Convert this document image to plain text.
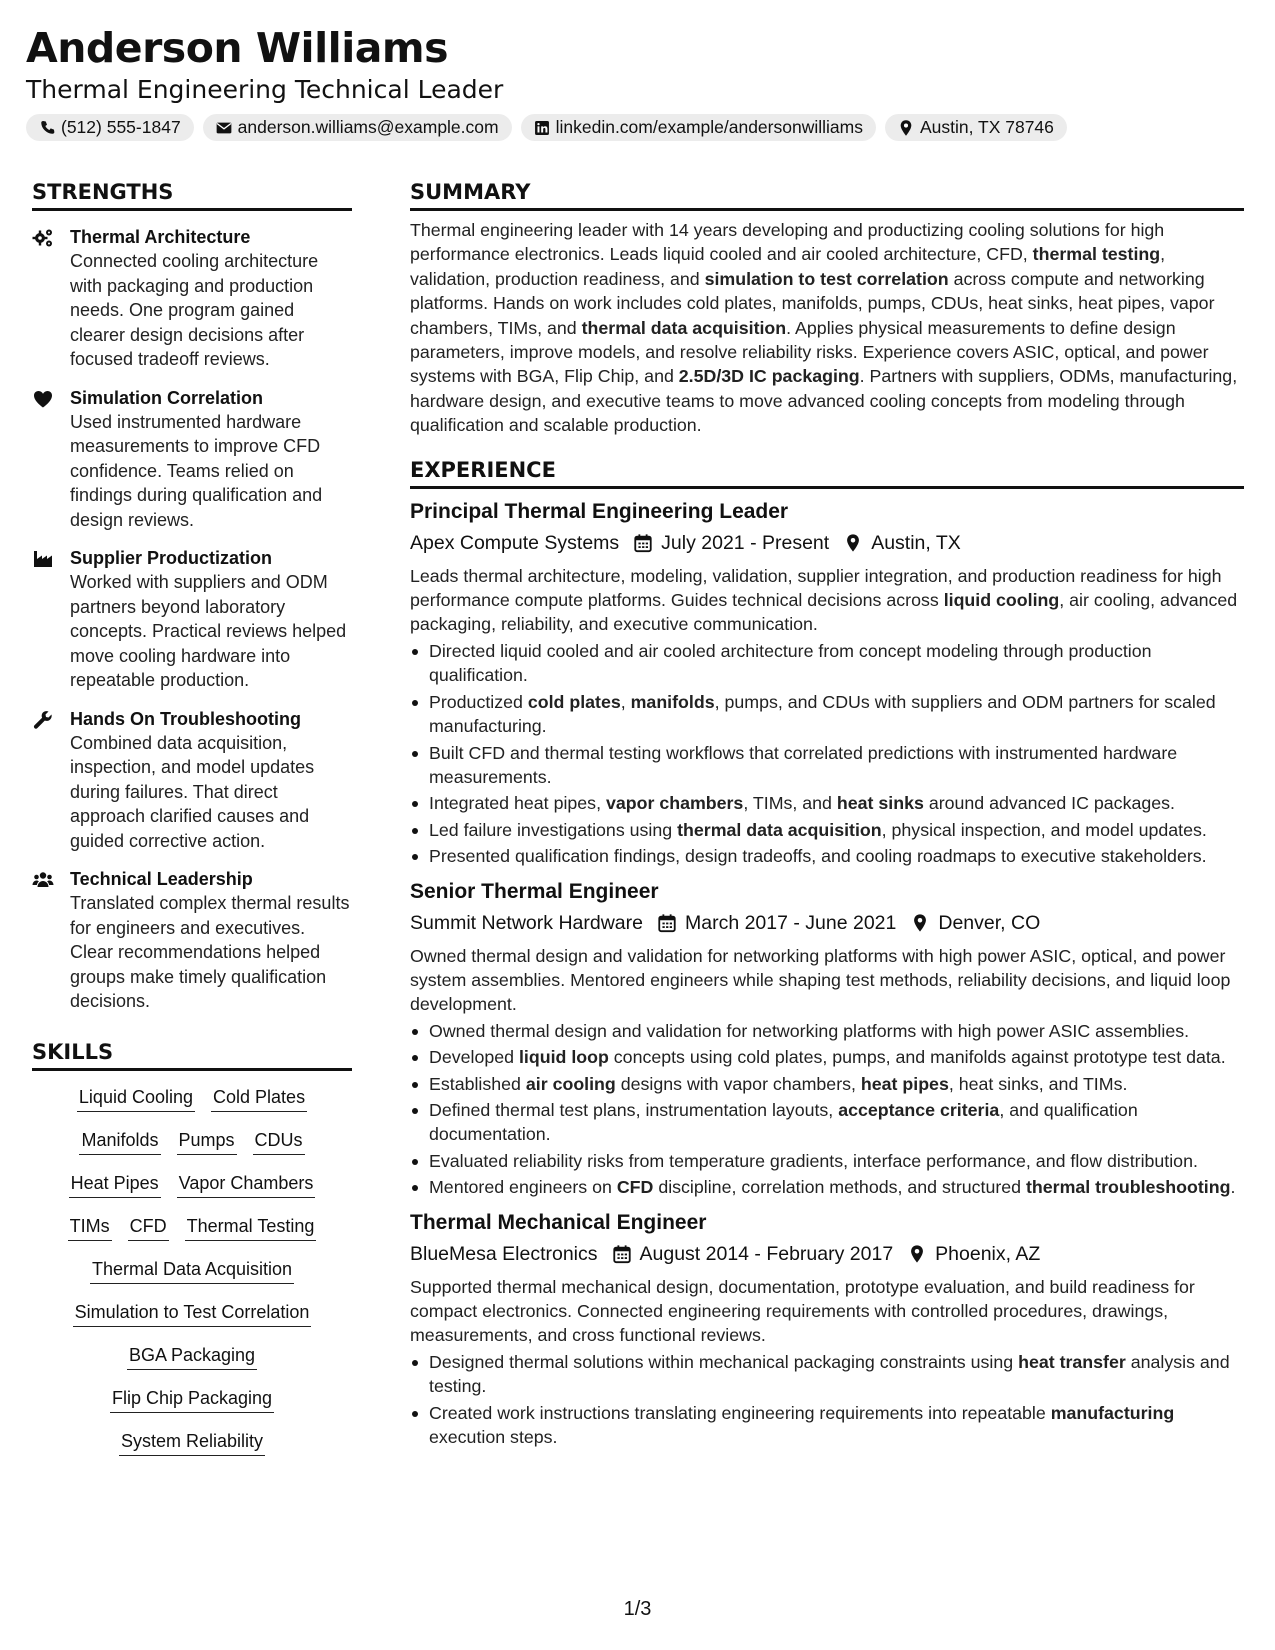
Anderson Williams
Thermal Engineering Technical Leader
(512) 555-1847	anderson.williams@example.com	linkedin.com/example/andersonwilliams	Austin, TX 78746
STRENGTHS
Thermal Architecture
Connected cooling architecture with packaging and production needs. One program gained clearer design decisions after focused tradeoff reviews.
Simulation Correlation
Used instrumented hardware measurements to improve CFD confidence. Teams relied on findings during qualification and design reviews.
Supplier Productization
Worked with suppliers and ODM partners beyond laboratory concepts. Practical reviews helped move cooling hardware into repeatable production.
Hands On Troubleshooting
Combined data acquisition, inspection, and model updates during failures. That direct approach clarified causes and guided corrective action.
Technical Leadership
Translated complex thermal results for engineers and executives. Clear recommendations helped groups make timely qualification decisions.
SKILLS
Liquid Cooling Cold Plates
Manifolds Pumps CDUs
Heat Pipes Vapor Chambers
TIMs CFD Thermal Testing
Thermal Data Acquisition
Simulation to Test Correlation
BGA Packaging
Flip Chip Packaging
System Reliability
SUMMARY

Thermal engineering leader with 14 years developing and productizing cooling solutions for high performance electronics. Leads liquid cooled and air cooled architecture, CFD, thermal testing, validation, production readiness, and simulation to test correlation across compute and networking platforms. Hands on work includes cold plates, manifolds, pumps, CDUs, heat sinks, heat pipes, vapor chambers, TIMs, and thermal data acquisition. Applies physical measurements to define design parameters, improve models, and resolve reliability risks. Experience covers ASIC, optical, and power systems with BGA, Flip Chip, and 2.5D/3D IC packaging. Partners with suppliers, ODMs, manufacturing, hardware design, and executive teams to move advanced cooling concepts from modeling through qualification and scalable production.

EXPERIENCE
Principal Thermal Engineering Leader
Apex Compute Systems July 2021 - Present Austin, TX

Leads thermal architecture, modeling, validation, supplier integration, and production readiness for high performance compute platforms. Guides technical decisions across liquid cooling, air cooling, advanced packaging, reliability, and executive communication.

Directed liquid cooled and air cooled architecture from concept modeling through production qualification.
Productized cold plates, manifolds, pumps, and CDUs with suppliers and ODM partners for scaled manufacturing.
Built CFD and thermal testing workflows that correlated predictions with instrumented hardware measurements.
Integrated heat pipes, vapor chambers, TIMs, and heat sinks around advanced IC packages.
Led failure investigations using thermal data acquisition, physical inspection, and model updates.
Presented qualification findings, design tradeoffs, and cooling roadmaps to executive stakeholders.
Senior Thermal Engineer
Summit Network Hardware March 2017 - June 2021 Denver, CO

Owned thermal design and validation for networking platforms with high power ASIC, optical, and power system assemblies. Mentored engineers while shaping test methods, reliability decisions, and liquid loop development.

Owned thermal design and validation for networking platforms with high power ASIC assemblies.
Developed liquid loop concepts using cold plates, pumps, and manifolds against prototype test data.
Established air cooling designs with vapor chambers, heat pipes, heat sinks, and TIMs.
Defined thermal test plans, instrumentation layouts, acceptance criteria, and qualification documentation.
Evaluated reliability risks from temperature gradients, interface performance, and flow distribution.
Mentored engineers on CFD discipline, correlation methods, and structured thermal troubleshooting.
Thermal Mechanical Engineer
BlueMesa Electronics August 2014 - February 2017 Phoenix, AZ

Supported thermal mechanical design, documentation, prototype evaluation, and build readiness for compact electronics. Connected engineering requirements with controlled procedures, drawings, measurements, and cross functional reviews.

Designed thermal solutions within mechanical packaging constraints using heat transfer analysis and testing.
Created work instructions translating engineering requirements into repeatable manufacturing execution steps.
1/3
